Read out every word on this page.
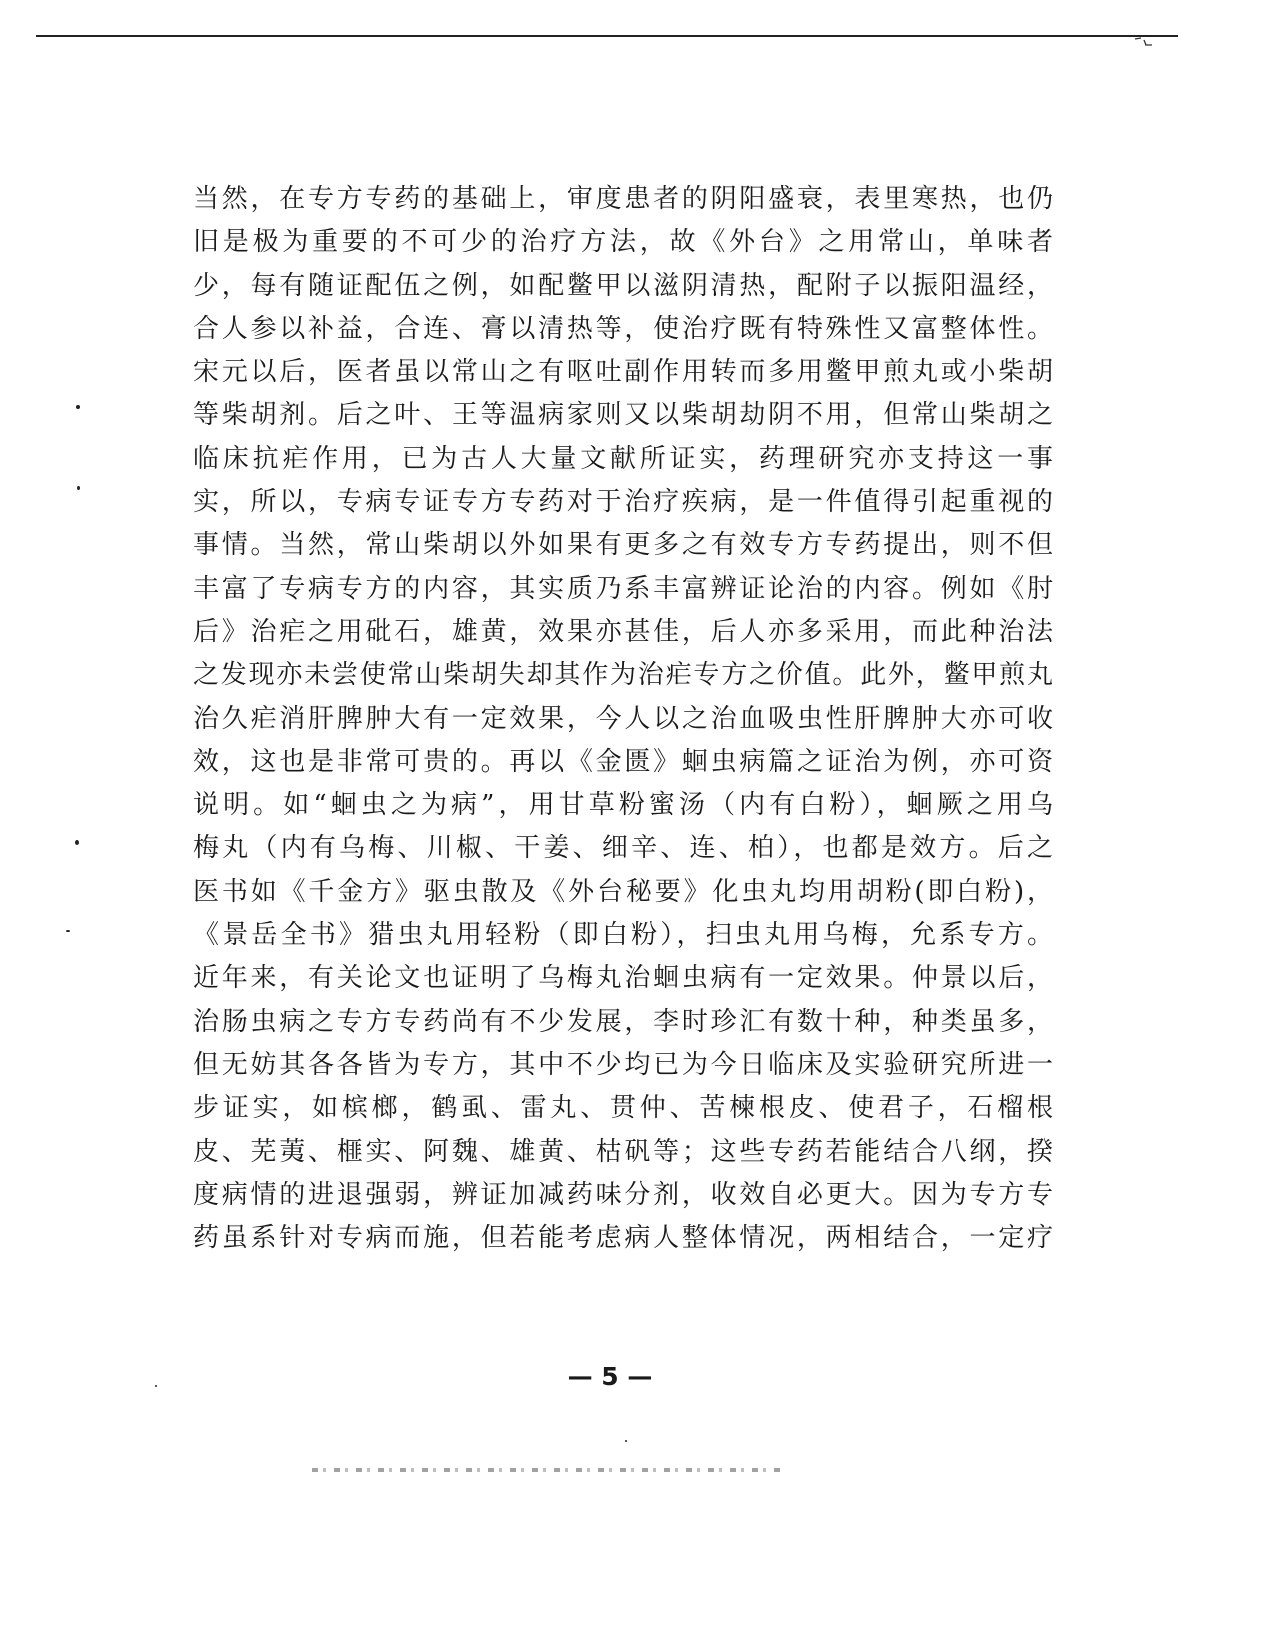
当然，在专方专药的基础上，审度患者的阴阳盛衰，表里寒热，也仍
旧是极为重要的不可少的治疗方法，故《外台》之用常山，单味者
少，每有随证配伍之例，如配鳖甲以滋阴清热，配附子以振阳温经，
合人参以补益，合连、膏以清热等，使治疗既有特殊性又富整体性。
宋元以后，医者虽以常山之有呕吐副作用转而多用鳖甲煎丸或小柴胡
等柴胡剂。后之叶、王等温病家则又以柴胡劫阴不用，但常山柴胡之
临床抗疟作用，已为古人大量文献所证实，药理研究亦支持这一事
实，所以，专病专证专方专药对于治疗疾病，是一件值得引起重视的
事情。当然，常山柴胡以外如果有更多之有效专方专药提出，则不但
丰富了专病专方的内容，其实质乃系丰富辨证论治的内容。例如《肘
后》治疟之用砒石，雄黄，效果亦甚佳，后人亦多采用，而此种治法
之发现亦未尝使常山柴胡失却其作为治疟专方之价值。此外，鳖甲煎丸
治久疟消肝脾肿大有一定效果，今人以之治血吸虫性肝脾肿大亦可收
效，这也是非常可贵的。再以《金匮》蛔虫病篇之证治为例，亦可资
说明。如“蛔虫之为病”，用甘草粉蜜汤（内有白粉），蛔厥之用乌
梅丸（内有乌梅、川椒、干姜、细辛、连、柏），也都是效方。后之
医书如《千金方》驱虫散及《外台秘要》化虫丸均用胡粉(即白粉)，
《景岳全书》猎虫丸用轻粉（即白粉），扫虫丸用乌梅，允系专方。
近年来，有关论文也证明了乌梅丸治蛔虫病有一定效果。仲景以后，
治肠虫病之专方专药尚有不少发展，李时珍汇有数十种，种类虽多，
但无妨其各各皆为专方，其中不少均已为今日临床及实验研究所进一
步证实，如槟榔，鹤虱、雷丸、贯仲、苦楝根皮、使君子，石榴根
皮、芜荑、榧实、阿魏、雄黄、枯矾等；这些专药若能结合八纲，揆
度病情的进退强弱，辨证加减药味分剂，收效自必更大。因为专方专
药虽系针对专病而施，但若能考虑病人整体情况，两相结合，一定疗
— 5 —
